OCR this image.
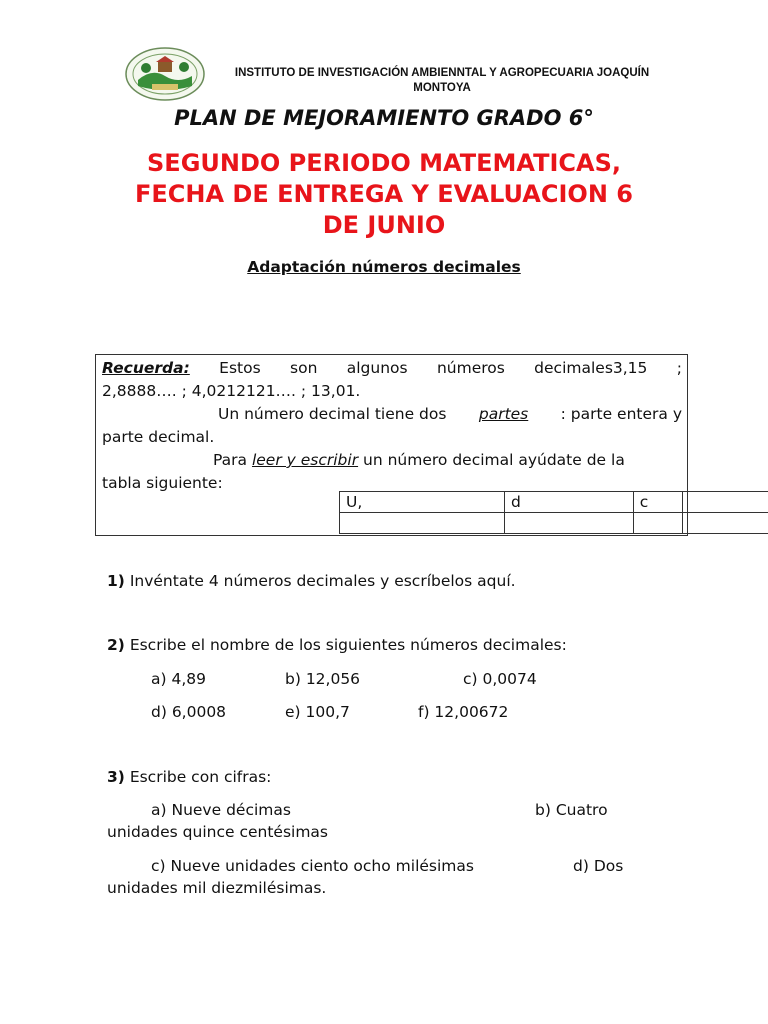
INSTITUTO DE INVESTIGACIÓN AMBIENNTAL Y AGROPECUARIA JOAQUÍN
MONTOYA
PLAN DE MEJORAMIENTO GRADO 6°
SEGUNDO PERIODO MATEMATICAS,
FECHA DE ENTREGA Y EVALUACION 6
DE JUNIO
Adaptación números decimales
Recuerda: Estos son algunos números decimales3,15 ;
2,8888…. ; 4,0212121…. ; 13,01.
Un número decimal tiene dos partes : parte entera y
parte decimal.
Para leer y escribir un número decimal ayúdate de la
tabla siguiente:
U,	d	c	

1) Invéntate 4 números decimales y escríbelos aquí.
2) Escribe el nombre de los siguientes números decimales:
a) 4,89	b) 12,056	c) 0,0074
d) 6,0008	e) 100,7	f) 12,00672
3) Escribe con cifras:
a) Nueve décimas	b) Cuatro
unidades quince centésimas
c) Nueve unidades ciento ocho milésimas	d) Dos
unidades mil diezmilésimas.
